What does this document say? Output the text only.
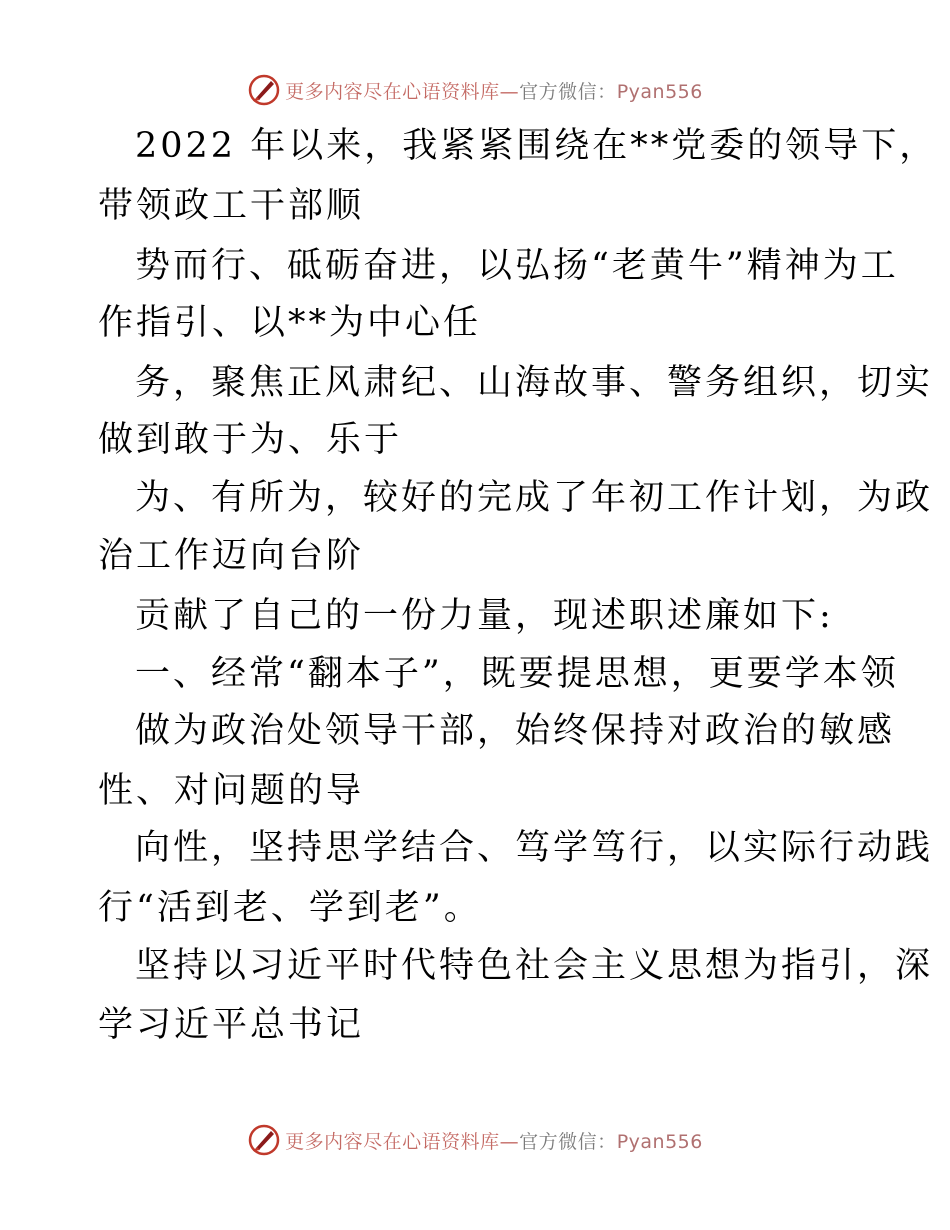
更多内容尽在心语资料库—官方微信：Pyan556
2022 年以来，我紧紧围绕在**党委的领导下，
带领政工干部顺
势而行、砥砺奋进，以弘扬“老黄牛”精神为工
作指引、以**为中心任
务，聚焦正风肃纪、山海故事、警务组织，切实
做到敢于为、乐于
为、有所为，较好的完成了年初工作计划，为政
治工作迈向台阶
贡献了自己的一份力量，现述职述廉如下:
一、经常“翻本子”，既要提思想，更要学本领
做为政治处领导干部，始终保持对政治的敏感
性、对问题的导
向性，坚持思学结合、笃学笃行，以实际行动践
行“活到老、学到老”。
坚持以习近平时代特色社会主义思想为指引，深
学习近平总书记
更多内容尽在心语资料库—官方微信：Pyan556
